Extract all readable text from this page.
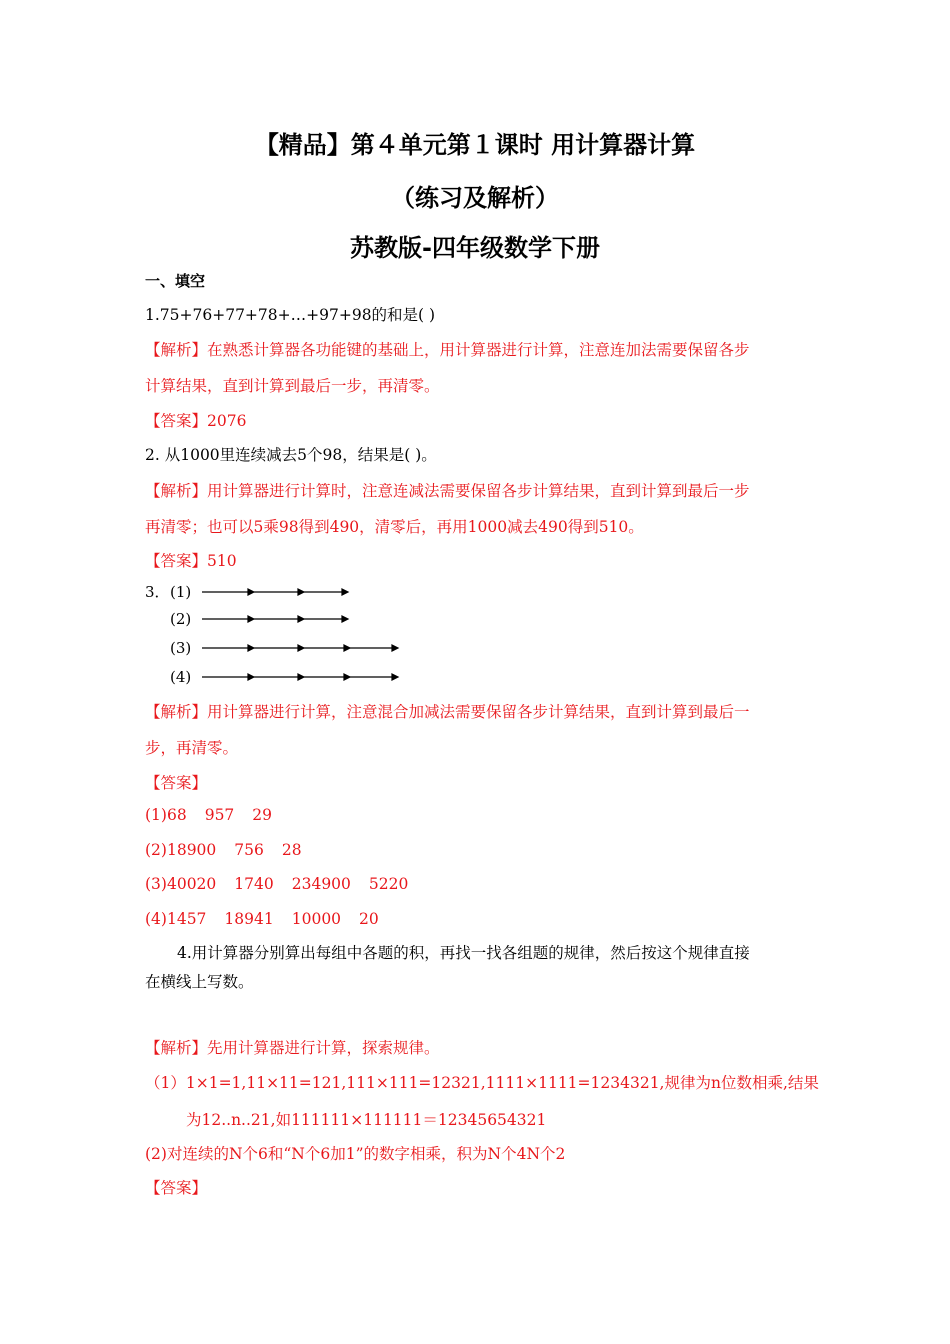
【精品】第４单元第１课时 用计算器计算
（练习及解析）
苏教版-四年级数学下册
一、填空
1.75+76+77+78+…+97+98的和是( )
【解析】在熟悉计算器各功能键的基础上，用计算器进行计算，注意连加法需要保留各步
计算结果，直到计算到最后一步，再清零。
【答案】2076
2. 从1000里连续减去5个98，结果是( )。
【解析】用计算器进行计算时，注意连减法需要保留各步计算结果，直到计算到最后一步
再清零；也可以5乘98得到490，清零后，再用1000减去490得到510。
【答案】510
3． (1)
(2)
(3)
(4)
【解析】用计算器进行计算，注意混合加减法需要保留各步计算结果，直到计算到最后一
步，再清零。
【答案】
(1)68 957 29
(2)18900 756 28
(3)40020 1740 234900 5220
(4)1457 18941 10000 20
4.用计算器分别算出每组中各题的积，再找一找各组题的规律，然后按这个规律直接
在横线上写数。
【解析】先用计算器进行计算，探索规律。
（1）1×1=1,11×11=121,111×111=12321,1111×1111=1234321,规律为n位数相乘,结果
为12..n..21,如111111×111111＝12345654321
(2)对连续的N个6和“N个6加1”的数字相乘，积为N个4N个2
【答案】
